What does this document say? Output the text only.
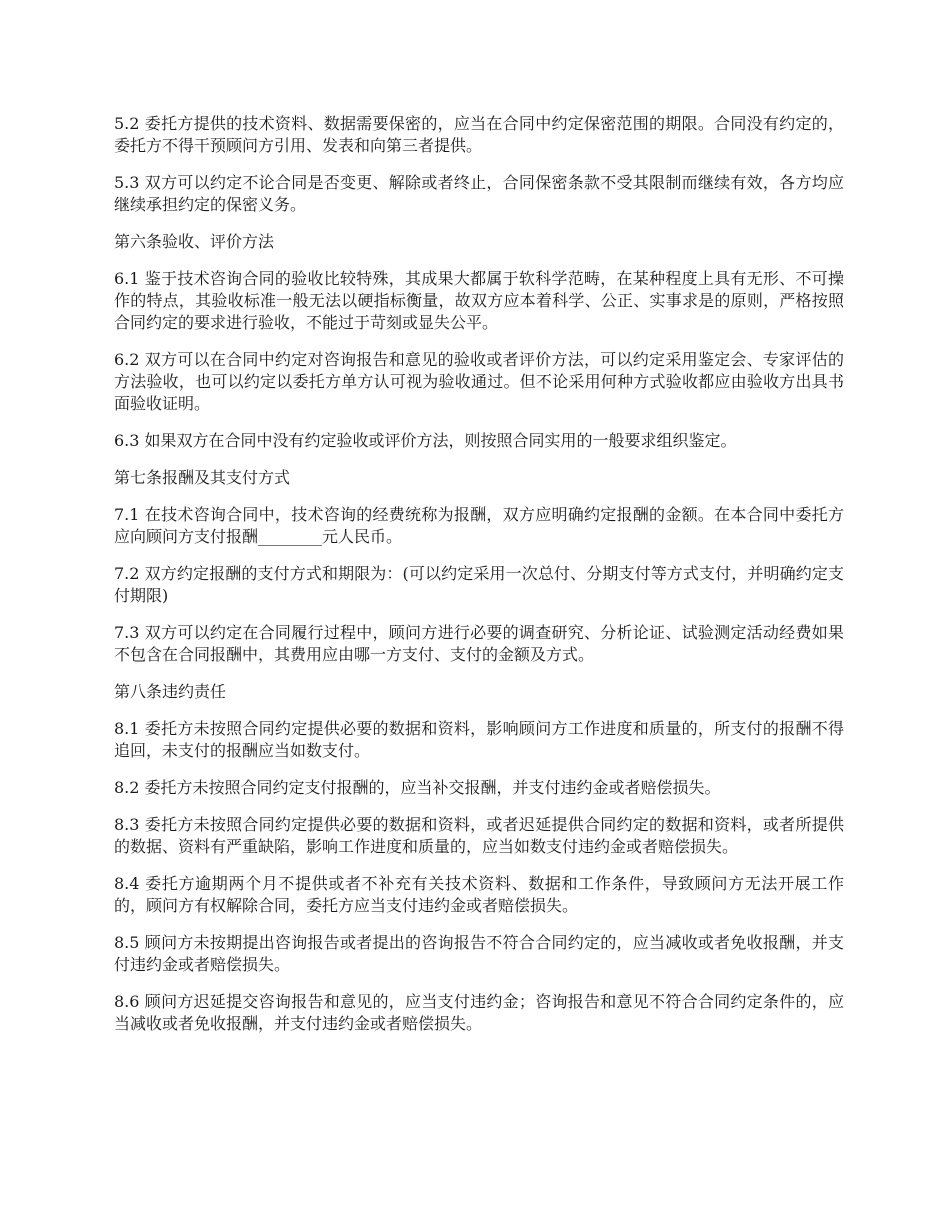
5.2 委托方提供的技术资料、数据需要保密的，应当在合同中约定保密范围的期限。合同没有约定的，委托方不得干预顾问方引用、发表和向第三者提供。

5.3 双方可以约定不论合同是否变更、解除或者终止，合同保密条款不受其限制而继续有效，各方均应继续承担约定的保密义务。

第六条验收、评价方法

6.1 鉴于技术咨询合同的验收比较特殊，其成果大都属于软科学范畴，在某种程度上具有无形、不可操作的特点，其验收标准一般无法以硬指标衡量，故双方应本着科学、公正、实事求是的原则，严格按照合同约定的要求进行验收，不能过于苛刻或显失公平。

6.2 双方可以在合同中约定对咨询报告和意见的验收或者评价方法，可以约定采用鉴定会、专家评估的方法验收，也可以约定以委托方单方认可视为验收通过。但不论采用何种方式验收都应由验收方出具书面验收证明。

6.3 如果双方在合同中没有约定验收或评价方法，则按照合同实用的一般要求组织鉴定。

第七条报酬及其支付方式

7.1 在技术咨询合同中，技术咨询的经费统称为报酬，双方应明确约定报酬的金额。在本合同中委托方应向顾问方支付报酬________元人民币。

7.2 双方约定报酬的支付方式和期限为：(可以约定采用一次总付、分期支付等方式支付，并明确约定支付期限)

7.3 双方可以约定在合同履行过程中，顾问方进行必要的调查研究、分析论证、试验测定活动经费如果不包含在合同报酬中，其费用应由哪一方支付、支付的金额及方式。

第八条违约责任

8.1 委托方未按照合同约定提供必要的数据和资料，影响顾问方工作进度和质量的，所支付的报酬不得追回，未支付的报酬应当如数支付。

8.2 委托方未按照合同约定支付报酬的，应当补交报酬，并支付违约金或者赔偿损失。

8.3 委托方未按照合同约定提供必要的数据和资料，或者迟延提供合同约定的数据和资料，或者所提供的数据、资料有严重缺陷，影响工作进度和质量的，应当如数支付违约金或者赔偿损失。

8.4 委托方逾期两个月不提供或者不补充有关技术资料、数据和工作条件，导致顾问方无法开展工作的，顾问方有权解除合同，委托方应当支付违约金或者赔偿损失。

8.5 顾问方未按期提出咨询报告或者提出的咨询报告不符合合同约定的，应当减收或者免收报酬，并支付违约金或者赔偿损失。

8.6 顾问方迟延提交咨询报告和意见的，应当支付违约金；咨询报告和意见不符合合同约定条件的，应当减收或者免收报酬，并支付违约金或者赔偿损失。
